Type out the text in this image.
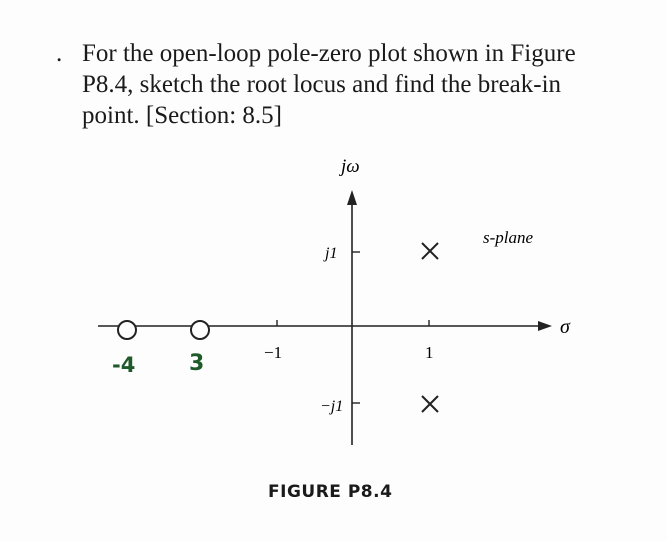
. For the open-loop pole-zero plot shown in Figure
P8.4, sketch the root locus and find the break-in
point. [Section: 8.5]
jω
σ
s-plane
j1
−j1
−1	1
-4 3
FIGURE P8.4
